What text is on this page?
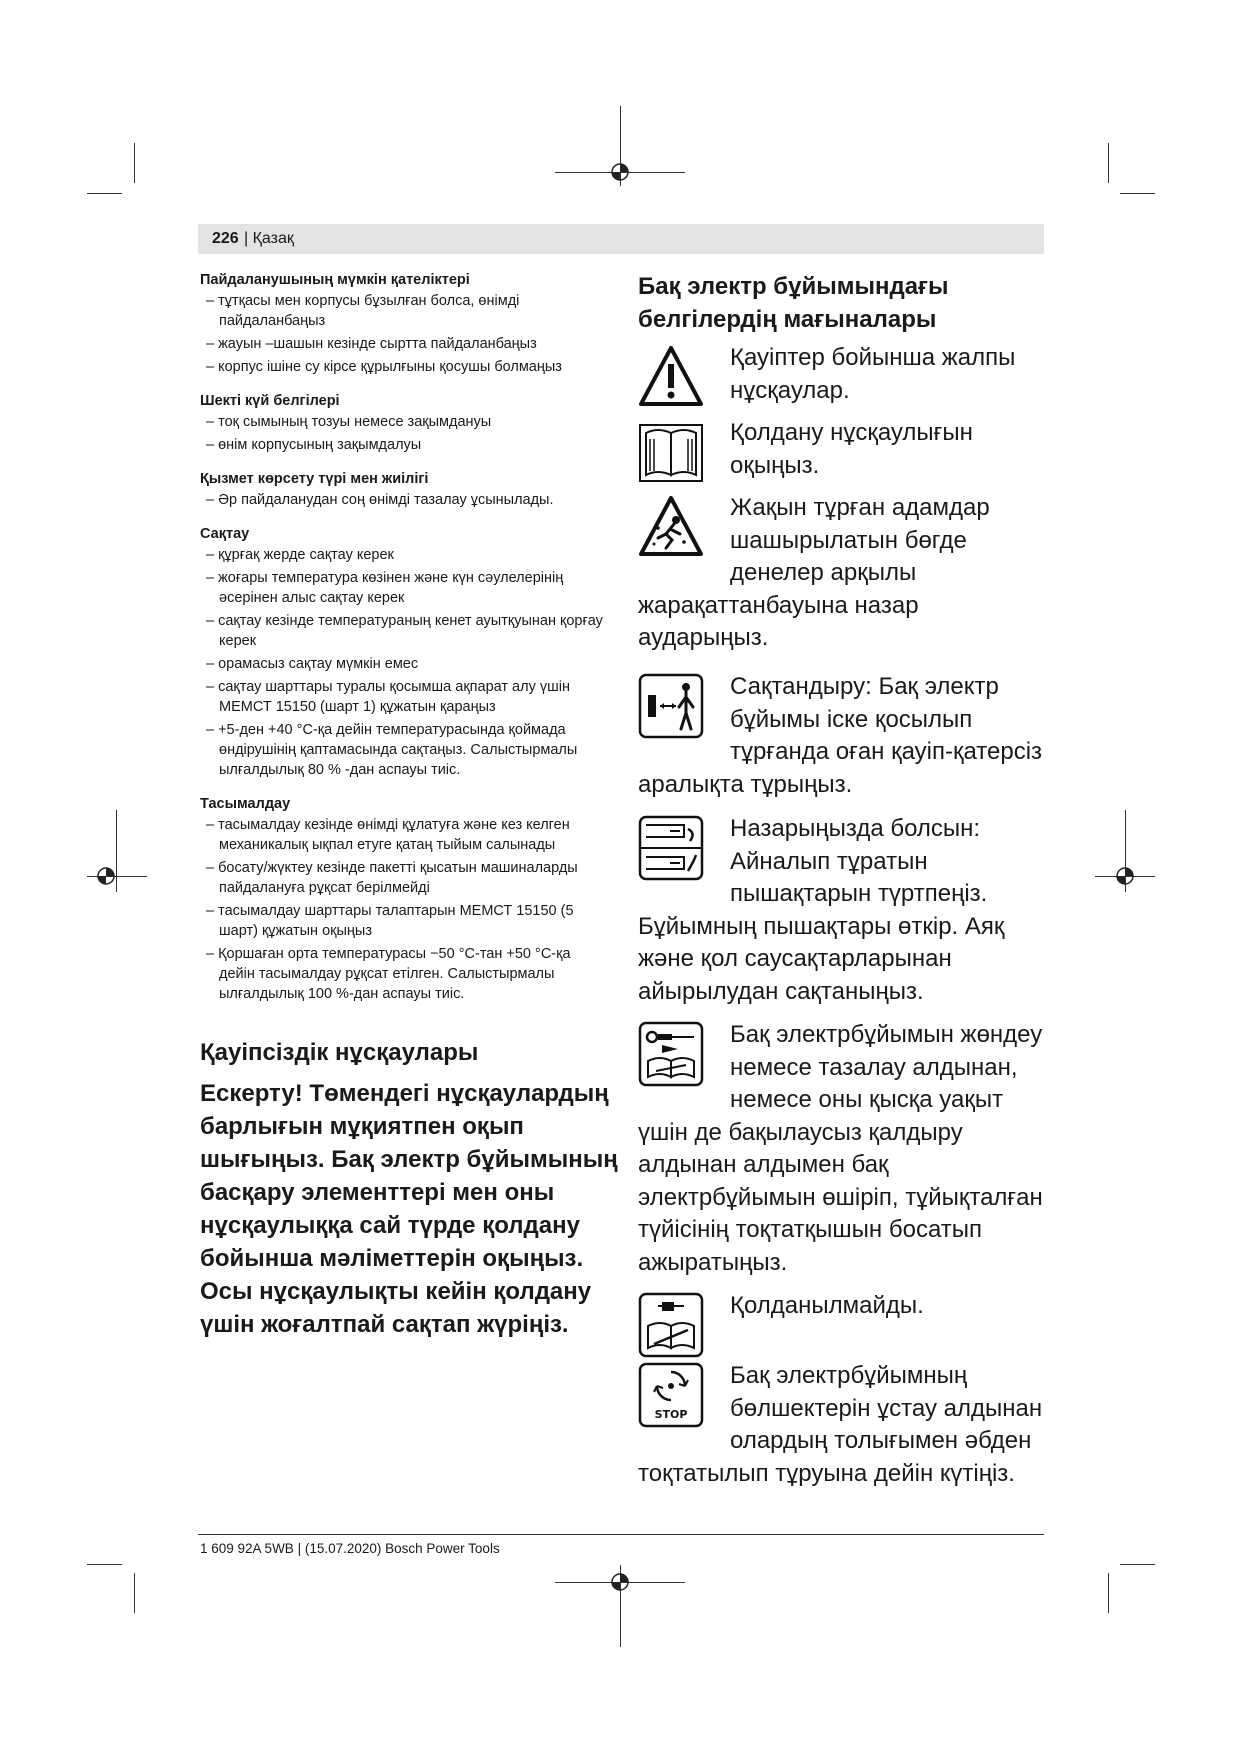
226 | Қазақ
Пайдаланушының мүмкін қателіктері
– тұтқасы мен корпусы бұзылған болса, өнімді пайдаланбаңыз
– жауын –шашын кезінде сыртта пайдаланбаңыз
– корпус ішіне су кірсе құрылғыны қосушы болмаңыз
Шекті күй белгілері
– тоқ сымының тозуы немесе зақымдануы
– өнім корпусының зақымдалуы
Қызмет көрсету түрі мен жиілігі
– Әр пайдаланудан соң өнімді тазалау ұсынылады.
Сақтау
– құрғақ жерде сақтау керек
– жоғары температура көзінен және күн сәулелерінің әсерінен алыс сақтау керек
– сақтау кезінде температураның кенет ауытқуынан қорғау керек
– орамасыз сақтау мүмкін емес
– сақтау шарттары туралы қосымша ақпарат алу үшін МЕМСТ 15150 (шарт 1) құжатын қараңыз
– +5-ден +40 °C-қа дейін температурасында қоймада өндірушінің қаптамасында сақтаңыз. Салыстырмалы ылғалдылық 80 % -дан аспауы тиіс.
Тасымалдау
– тасымалдау кезінде өнімді құлатуға және кез келген механикалық ықпал етуге қатаң тыйым салынады
– босату/жүктеу кезінде пакетті қысатын машиналарды пайдалануға рұқсат берілмейді
– тасымалдау шарттары талаптарын МЕМСТ 15150 (5 шарт) құжатын оқыңыз
– Қоршаған орта температурасы −50 °C-тан +50 °C-қа дейін тасымалдау рұқсат етілген. Салыстырмалы ылғалдылық 100 %-дан аспауы тиіс.
Қауіпсіздік нұсқаулары
Ескерту! Төмендегі нұсқаулардың барлығын мұқиятпен оқып шығыңыз. Бақ электр бұйымының басқару элементтері мен оны нұсқаулыққа сай түрде қолдану бойынша мәліметтерін оқыңыз. Осы нұсқаулықты кейін қолдану үшін жоғалтпай сақтап жүріңіз.
Бақ электр бұйымындағы белгілердің мағыналары
Қауіптер бойынша жалпы нұсқаулар.
Қолдану нұсқаулығын оқыңыз.
Жақын тұрған адамдар шашырылатын бөгде денелер арқылы жарақаттанбауына назар аударыңыз.
Сақтандыру: Бақ электр бұйымы іске қосылып тұрғанда оған қауіп-қатерсіз аралықта тұрыңыз.
Назарыңызда болсын: Айналып тұратын пышақтарын түртпеңіз. Бұйымның пышақтары өткір. Аяқ және қол саусақтарларынан айырылудан сақтаныңыз.
Бақ электрбұйымын жөндеу немесе тазалау алдынан, немесе оны қысқа уақыт үшін де бақылаусыз қалдыру алдынан алдымен бақ электрбұйымын өшіріп, тұйықталған түйісінің тоқтатқышын босатып ажыратыңыз.
Қолданылмайды.
STOP
Бақ электрбұйымның бөлшектерін ұстау алдынан олардың толығымен әбден тоқтатылып тұруына дейін күтіңіз.
1 609 92A 5WB | (15.07.2020) Bosch Power Tools
